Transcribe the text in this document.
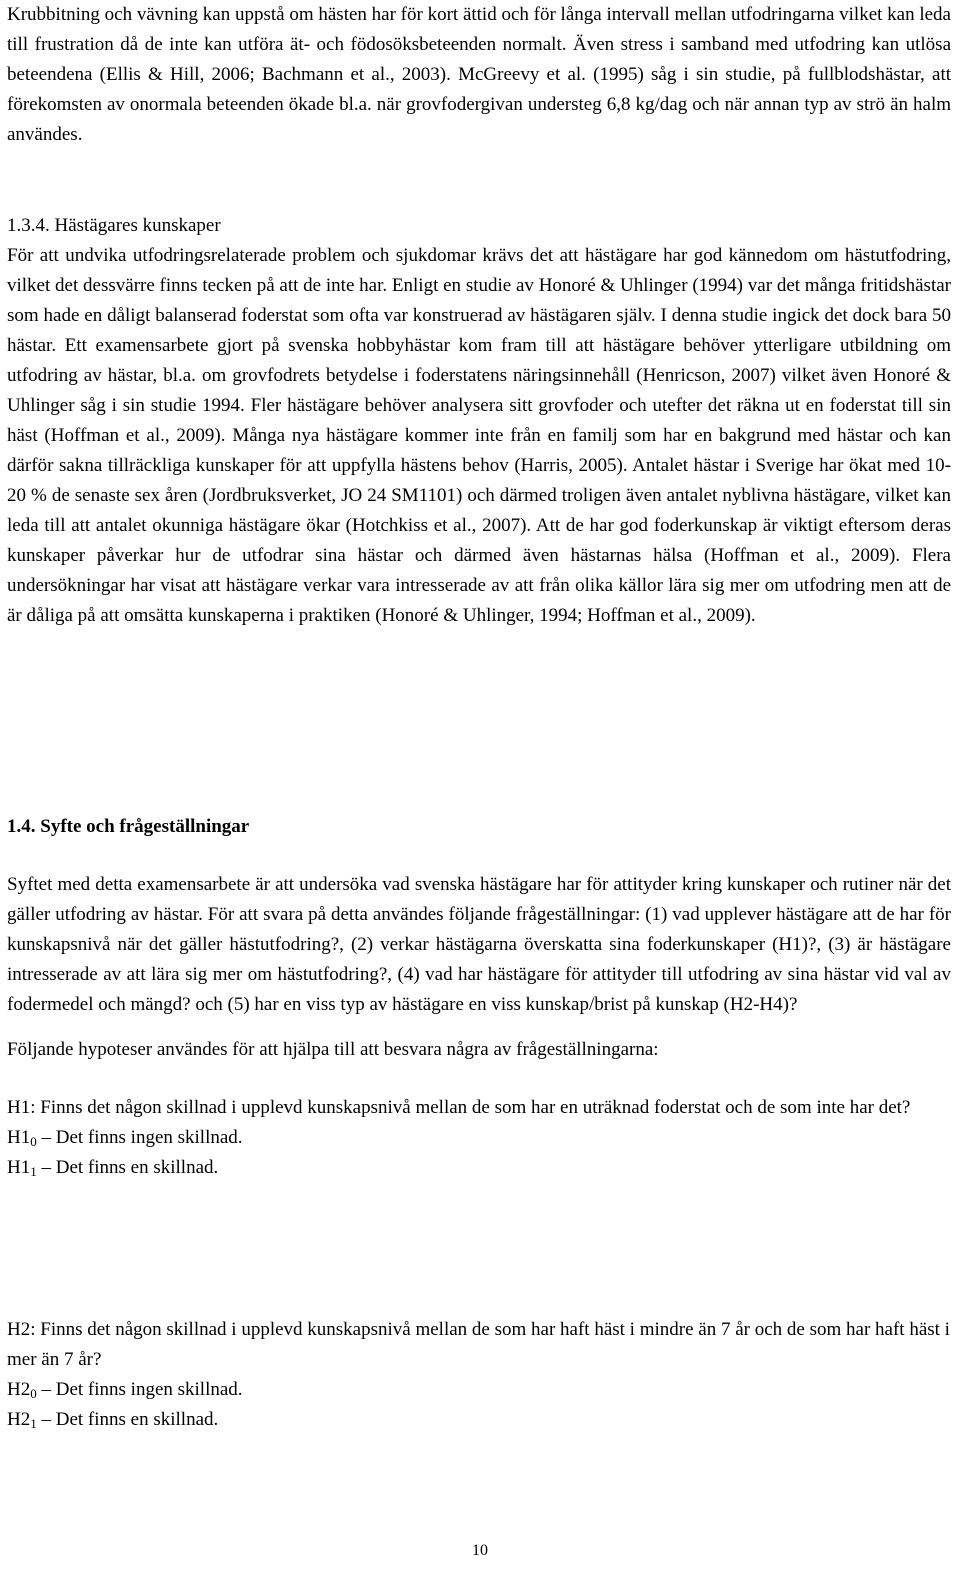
Krubbitning och vävning kan uppstå om hästen har för kort ättid och för långa intervall mellan utfodringarna vilket kan leda till frustration då de inte kan utföra ät- och födosöksbeteenden normalt. Även stress i samband med utfodring kan utlösa beteendena (Ellis & Hill, 2006; Bachmann et al., 2003). McGreevy et al. (1995) såg i sin studie, på fullblodshästar, att förekomsten av onormala beteenden ökade bl.a. när grovfodergivan understeg 6,8 kg/dag och när annan typ av strö än halm användes.

1.3.4. Hästägares kunskaper

För att undvika utfodringsrelaterade problem och sjukdomar krävs det att hästägare har god kännedom om hästutfodring, vilket det dessvärre finns tecken på att de inte har. Enligt en studie av Honoré & Uhlinger (1994) var det många fritidshästar som hade en dåligt balanserad foderstat som ofta var konstruerad av hästägaren själv. I denna studie ingick det dock bara 50 hästar. Ett examensarbete gjort på svenska hobbyhästar kom fram till att hästägare behöver ytterligare utbildning om utfodring av hästar, bl.a. om grovfodrets betydelse i foderstatens näringsinnehåll (Henricson, 2007) vilket även Honoré & Uhlinger såg i sin studie 1994. Fler hästägare behöver analysera sitt grovfoder och utefter det räkna ut en foderstat till sin häst (Hoffman et al., 2009). Många nya hästägare kommer inte från en familj som har en bakgrund med hästar och kan därför sakna tillräckliga kunskaper för att uppfylla hästens behov (Harris, 2005). Antalet hästar i Sverige har ökat med 10-20 % de senaste sex åren (Jordbruksverket, JO 24 SM1101) och därmed troligen även antalet nyblivna hästägare, vilket kan leda till att antalet okunniga hästägare ökar (Hotchkiss et al., 2007). Att de har god foderkunskap är viktigt eftersom deras kunskaper påverkar hur de utfodrar sina hästar och därmed även hästarnas hälsa (Hoffman et al., 2009). Flera undersökningar har visat att hästägare verkar vara intresserade av att från olika källor lära sig mer om utfodring men att de är dåliga på att omsätta kunskaperna i praktiken (Honoré & Uhlinger, 1994; Hoffman et al., 2009).

1.4. Syfte och frågeställningar

Syftet med detta examensarbete är att undersöka vad svenska hästägare har för attityder kring kunskaper och rutiner när det gäller utfodring av hästar. För att svara på detta användes följande frågeställningar: (1) vad upplever hästägare att de har för kunskapsnivå när det gäller hästutfodring?, (2) verkar hästägarna överskatta sina foderkunskaper (H1)?, (3) är hästägare intresserade av att lära sig mer om hästutfodring?, (4) vad har hästägare för attityder till utfodring av sina hästar vid val av fodermedel och mängd? och (5) har en viss typ av hästägare en viss kunskap/brist på kunskap (H2-H4)?

Följande hypoteser användes för att hjälpa till att besvara några av frågeställningarna:

H1: Finns det någon skillnad i upplevd kunskapsnivå mellan de som har en uträknad foderstat och de som inte har det?

$H1_0$ – Det finns ingen skillnad.

$H1_1$ – Det finns en skillnad.

H2: Finns det någon skillnad i upplevd kunskapsnivå mellan de som har haft häst i mindre än 7 år och de som har haft häst i mer än 7 år?

$H2_0$ – Det finns ingen skillnad.

$H2_1$ – Det finns en skillnad.

10
